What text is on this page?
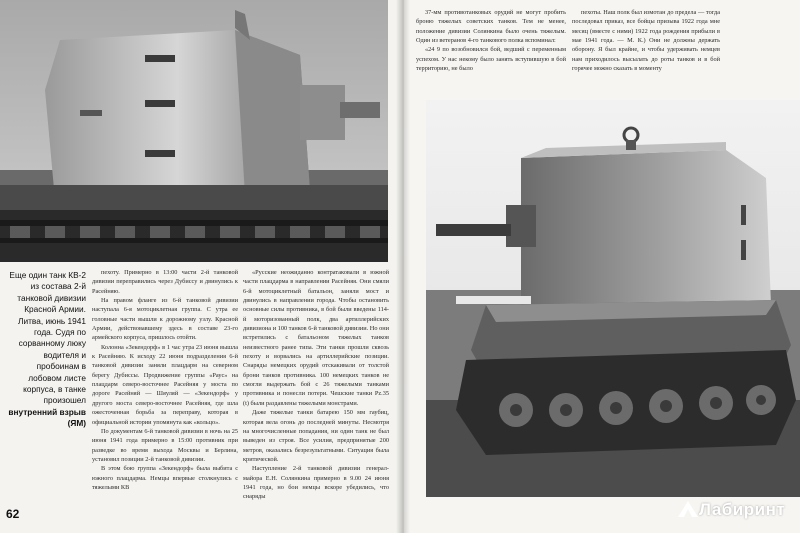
Еще один танк КВ-2 из состава 2-й танковой дивизии Красной Армии. Литва, июнь 1941 года. Судя по сорванному люку водителя и пробоинам в лобовом листе корпуса, в танке произошел внутренний взрыв (ЯМ)

пехоту. Примерно в 13:00 части 2-й танковой дивизии переправились через Дубиссу и двинулись к Расейняю.

На правом фланге из 6-й танковой дивизии наступала 6-я мотоциклетная группа. С утра ее головные части вышли к дорожному узлу. Красной Армии, действовавшему здесь в составе 23-го армейского корпуса, пришлось отойти.

Колонна «Зекендорф» в 1 час утра 23 июня вышла к Расейняю. К исходу 22 июня подразделения 6-й танковой дивизии заняли плацдарм на северном берегу Дубиссы. Продвижение группы «Раус» на плацдарм северо-восточнее Расейняя у моста по дороге Расейняй — Шяуляй — «Зекендорф» у другого моста северо-восточнее Расейняя, где шла ожесточенная борьба за переправу, которая в официальной истории упомянута как «кольцо».

По документам 6-й танковой дивизии в ночь на 25 июня 1941 года примерно в 15:00 противник при разведке во время выхода Москвы и Берлина, установил позиции 2-й танковой дивизии.

В этом бою группа «Зекендорф» была выбита с южного плацдарма. Немцы впервые столкнулись с тяжелыми КВ

«Русские неожиданно контратаковали в южной части плацдарма в направлении Расейняя. Они смяли 6-й мотоциклетный батальон, заняли мост и двинулись в направлении города. Чтобы остановить основные силы противника, в бой были введены 114-й моторизованный полк, два артиллерийских дивизиона и 100 танков 6-й танковой дивизии. Но они встретились с батальоном тяжелых танков неизвестного ранее типа. Эти танки прошли сквозь пехоту и ворвались на артиллерийские позиции. Снаряды немецких орудий отскакивали от толстой брони танков противника. 100 немецких танков не смогли выдержать бой с 26 тяжелыми танками противника и понесли потери. Чешские танки Pz.35 (t) были раздавлены тяжелыми монстрами.

Даже тяжелые танки батарею 150 мм гаубиц, которая вела огонь до последней минуты. Несмотря на многочисленные попадания, ни один танк не был выведен из строя. Все усилия, предпринятые 200 метров, оказались безрезультатными. Ситуация была критической.

Наступление 2-й танковой дивизии генерал-майора Е.Н. Солянкина примерно в 9.00 24 июня 1941 года, но бои немцы вскоре убедились, что снаряды

62

37-мм противотанковых орудий не могут пробить броню тяжелых советских танков. Тем не менее, положение дивизии Солянкина было очень тяжелым. Один из ветеранов 4-го танкового полка вспоминал:

«24 9 по возобновился бой, ведший с переменным успехом. У нас некому было занять вступившую в бой территорию, не было

пехоты. Наш полк был измотан до предела — тогда последовал приказ, все бойцы призыва 1922 года мне месяц (вместе с ними) 1922 года рождения прибыли в мае 1941 года. — М. К.) Они не должны держать оборону. Я был крайне, и чтобы удерживать немцев нам приходилось высылать до роты танков и в бой горячее можно сказать в моменту

Лабиринт
